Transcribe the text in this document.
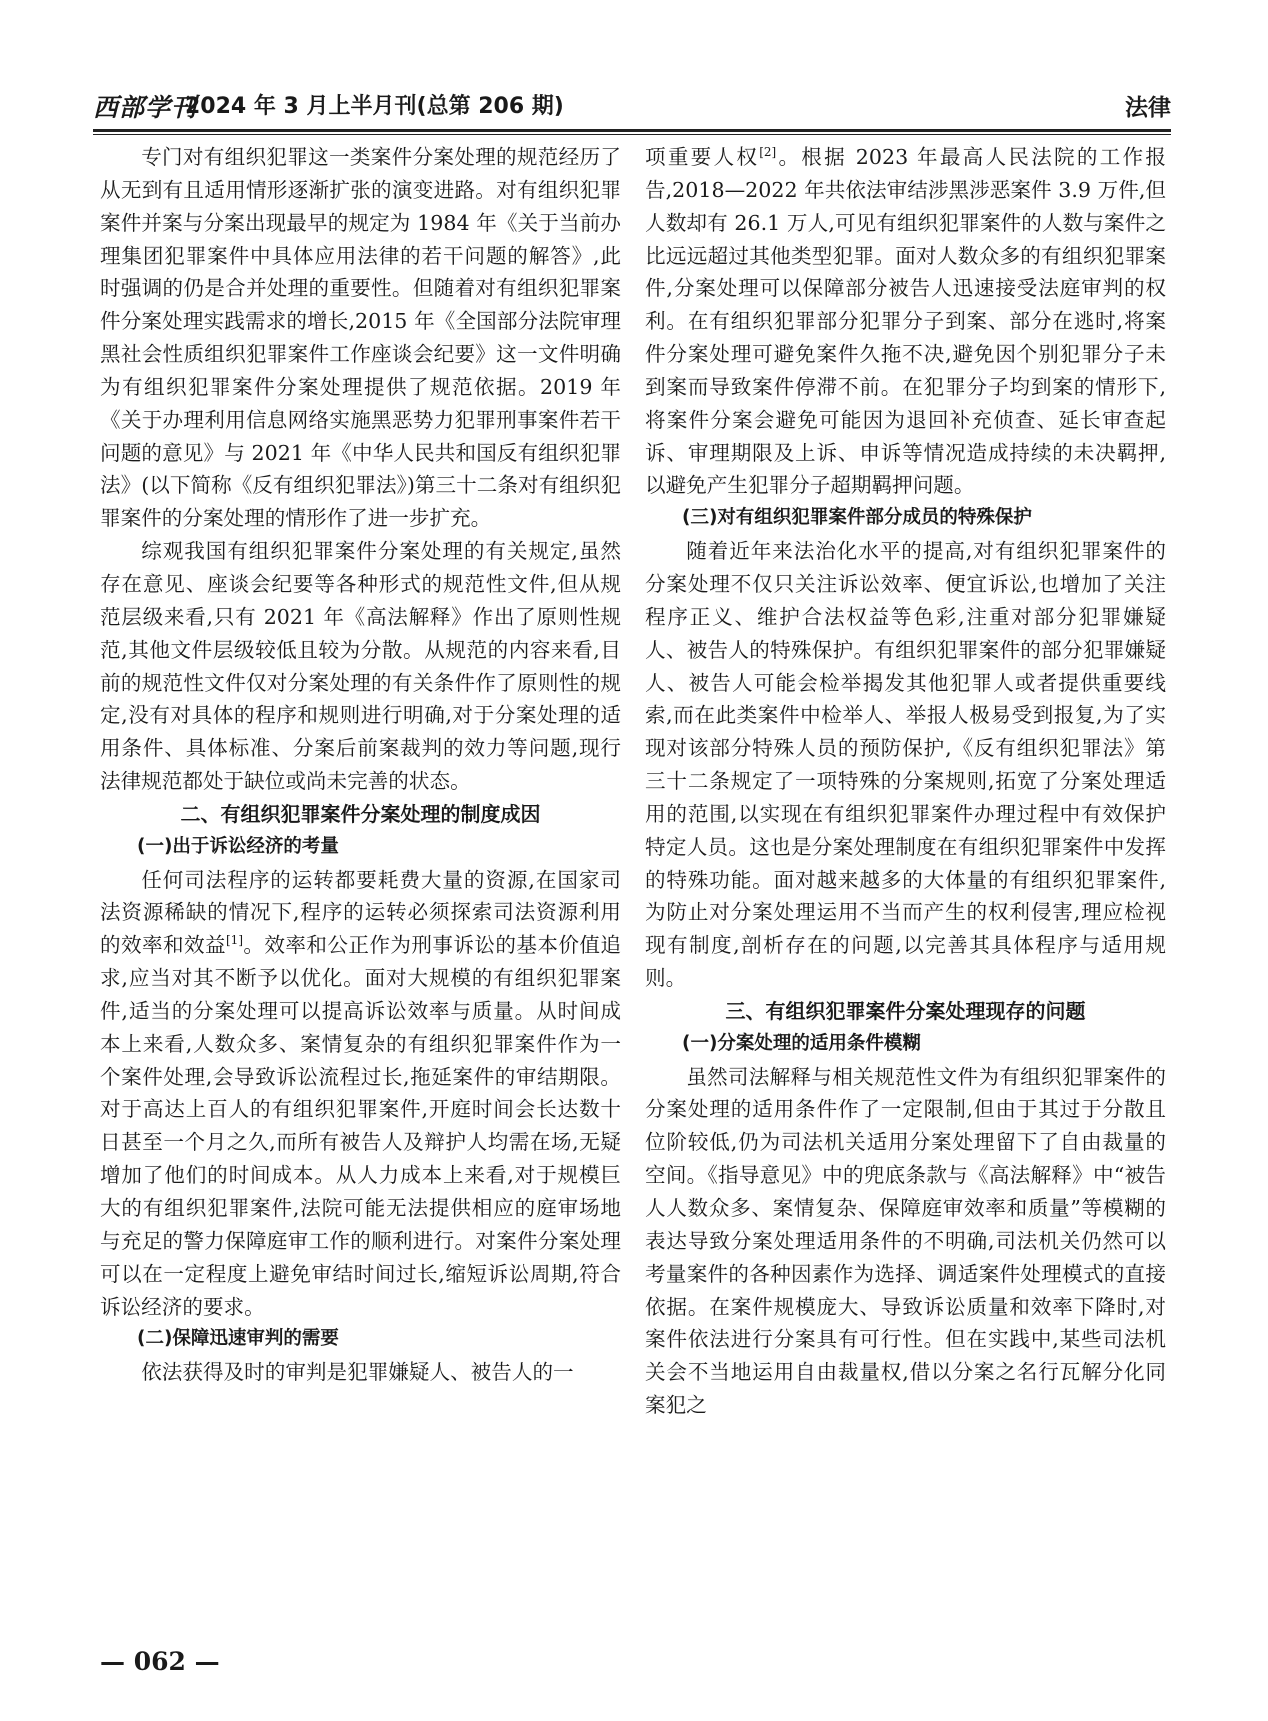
西部学刊
2024 年 3 月上半月刊(总第 206 期)	法律

专门对有组织犯罪这一类案件分案处理的规范经历了从无到有且适用情形逐渐扩张的演变进路。对有组织犯罪案件并案与分案出现最早的规定为 1984 年《关于当前办理集团犯罪案件中具体应用法律的若干问题的解答》,此时强调的仍是合并处理的重要性。但随着对有组织犯罪案件分案处理实践需求的增长,2015 年《全国部分法院审理黑社会性质组织犯罪案件工作座谈会纪要》这一文件明确为有组织犯罪案件分案处理提供了规范依据。2019 年《关于办理利用信息网络实施黑恶势力犯罪刑事案件若干问题的意见》与 2021 年《中华人民共和国反有组织犯罪法》(以下简称《反有组织犯罪法》)第三十二条对有组织犯罪案件的分案处理的情形作了进一步扩充。

综观我国有组织犯罪案件分案处理的有关规定,虽然存在意见、座谈会纪要等各种形式的规范性文件,但从规范层级来看,只有 2021 年《高法解释》作出了原则性规范,其他文件层级较低且较为分散。从规范的内容来看,目前的规范性文件仅对分案处理的有关条件作了原则性的规定,没有对具体的程序和规则进行明确,对于分案处理的适用条件、具体标准、分案后前案裁判的效力等问题,现行法律规范都处于缺位或尚未完善的状态。

二、有组织犯罪案件分案处理的制度成因
(一)出于诉讼经济的考量

任何司法程序的运转都要耗费大量的资源,在国家司法资源稀缺的情况下,程序的运转必须探索司法资源利用的效率和效益[1]。效率和公正作为刑事诉讼的基本价值追求,应当对其不断予以优化。面对大规模的有组织犯罪案件,适当的分案处理可以提高诉讼效率与质量。从时间成本上来看,人数众多、案情复杂的有组织犯罪案件作为一个案件处理,会导致诉讼流程过长,拖延案件的审结期限。对于高达上百人的有组织犯罪案件,开庭时间会长达数十日甚至一个月之久,而所有被告人及辩护人均需在场,无疑增加了他们的时间成本。从人力成本上来看,对于规模巨大的有组织犯罪案件,法院可能无法提供相应的庭审场地与充足的警力保障庭审工作的顺利进行。对案件分案处理可以在一定程度上避免审结时间过长,缩短诉讼周期,符合诉讼经济的要求。

(二)保障迅速审判的需要

依法获得及时的审判是犯罪嫌疑人、被告人的一

项重要人权[2]。根据 2023 年最高人民法院的工作报告,2018—2022 年共依法审结涉黑涉恶案件 3.9 万件,但人数却有 26.1 万人,可见有组织犯罪案件的人数与案件之比远远超过其他类型犯罪。面对人数众多的有组织犯罪案件,分案处理可以保障部分被告人迅速接受法庭审判的权利。在有组织犯罪部分犯罪分子到案、部分在逃时,将案件分案处理可避免案件久拖不决,避免因个别犯罪分子未到案而导致案件停滞不前。在犯罪分子均到案的情形下,将案件分案会避免可能因为退回补充侦查、延长审查起诉、审理期限及上诉、申诉等情况造成持续的未决羁押,以避免产生犯罪分子超期羁押问题。

(三)对有组织犯罪案件部分成员的特殊保护

随着近年来法治化水平的提高,对有组织犯罪案件的分案处理不仅只关注诉讼效率、便宜诉讼,也增加了关注程序正义、维护合法权益等色彩,注重对部分犯罪嫌疑人、被告人的特殊保护。有组织犯罪案件的部分犯罪嫌疑人、被告人可能会检举揭发其他犯罪人或者提供重要线索,而在此类案件中检举人、举报人极易受到报复,为了实现对该部分特殊人员的预防保护,《反有组织犯罪法》第三十二条规定了一项特殊的分案规则,拓宽了分案处理适用的范围,以实现在有组织犯罪案件办理过程中有效保护特定人员。这也是分案处理制度在有组织犯罪案件中发挥的特殊功能。面对越来越多的大体量的有组织犯罪案件,为防止对分案处理运用不当而产生的权利侵害,理应检视现有制度,剖析存在的问题,以完善其具体程序与适用规则。

三、有组织犯罪案件分案处理现存的问题
(一)分案处理的适用条件模糊

虽然司法解释与相关规范性文件为有组织犯罪案件的分案处理的适用条件作了一定限制,但由于其过于分散且位阶较低,仍为司法机关适用分案处理留下了自由裁量的空间。《指导意见》中的兜底条款与《高法解释》中“被告人人数众多、案情复杂、保障庭审效率和质量”等模糊的表达导致分案处理适用条件的不明确,司法机关仍然可以考量案件的各种因素作为选择、调适案件处理模式的直接依据。在案件规模庞大、导致诉讼质量和效率下降时,对案件依法进行分案具有可行性。但在实践中,某些司法机关会不当地运用自由裁量权,借以分案之名行瓦解分化同案犯之

— 062 —
